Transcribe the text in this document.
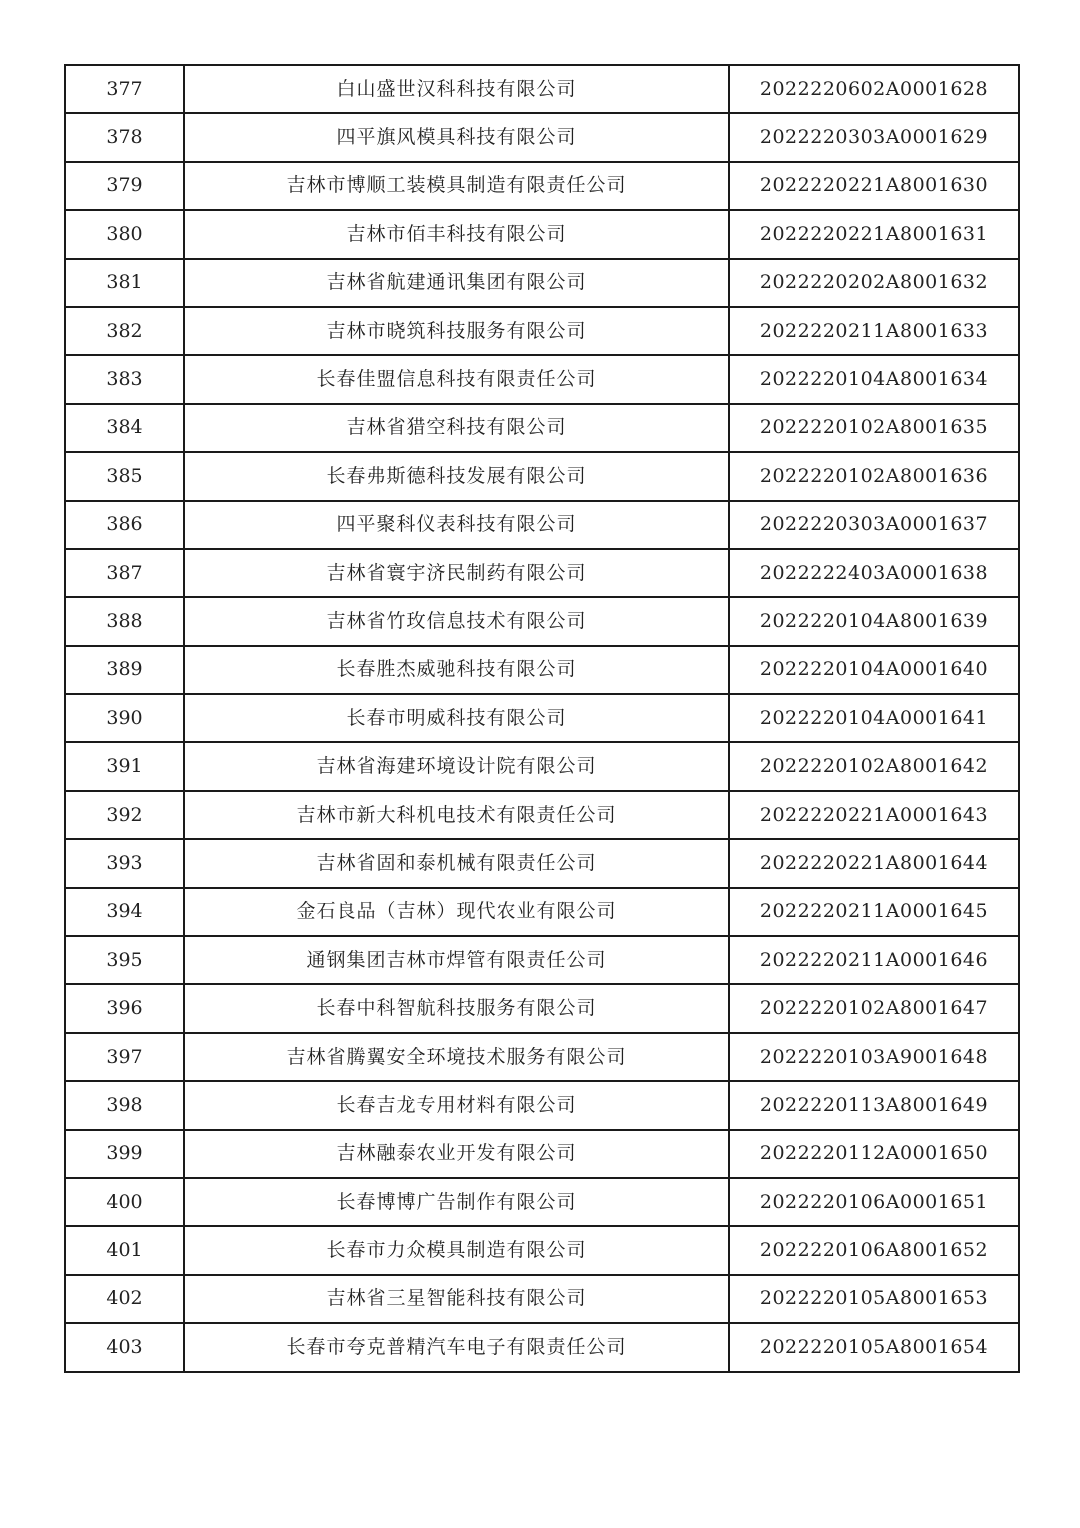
377	白山盛世汉科科技有限公司	2022220602A0001628
378	四平旗风模具科技有限公司	2022220303A0001629
379	吉林市博顺工装模具制造有限责任公司	2022220221A8001630
380	吉林市佰丰科技有限公司	2022220221A8001631
381	吉林省航建通讯集团有限公司	2022220202A8001632
382	吉林市晓筑科技服务有限公司	2022220211A8001633
383	长春佳盟信息科技有限责任公司	2022220104A8001634
384	吉林省猎空科技有限公司	2022220102A8001635
385	长春弗斯德科技发展有限公司	2022220102A8001636
386	四平聚科仪表科技有限公司	2022220303A0001637
387	吉林省寰宇济民制药有限公司	2022222403A0001638
388	吉林省竹玫信息技术有限公司	2022220104A8001639
389	长春胜杰威驰科技有限公司	2022220104A0001640
390	长春市明威科技有限公司	2022220104A0001641
391	吉林省海建环境设计院有限公司	2022220102A8001642
392	吉林市新大科机电技术有限责任公司	2022220221A0001643
393	吉林省固和泰机械有限责任公司	2022220221A8001644
394	金石良品（吉林）现代农业有限公司	2022220211A0001645
395	通钢集团吉林市焊管有限责任公司	2022220211A0001646
396	长春中科智航科技服务有限公司	2022220102A8001647
397	吉林省腾翼安全环境技术服务有限公司	2022220103A9001648
398	长春吉龙专用材料有限公司	2022220113A8001649
399	吉林融泰农业开发有限公司	2022220112A0001650
400	长春博博广告制作有限公司	2022220106A0001651
401	长春市力众模具制造有限公司	2022220106A8001652
402	吉林省三星智能科技有限公司	2022220105A8001653
403	长春市夸克普精汽车电子有限责任公司	2022220105A8001654
